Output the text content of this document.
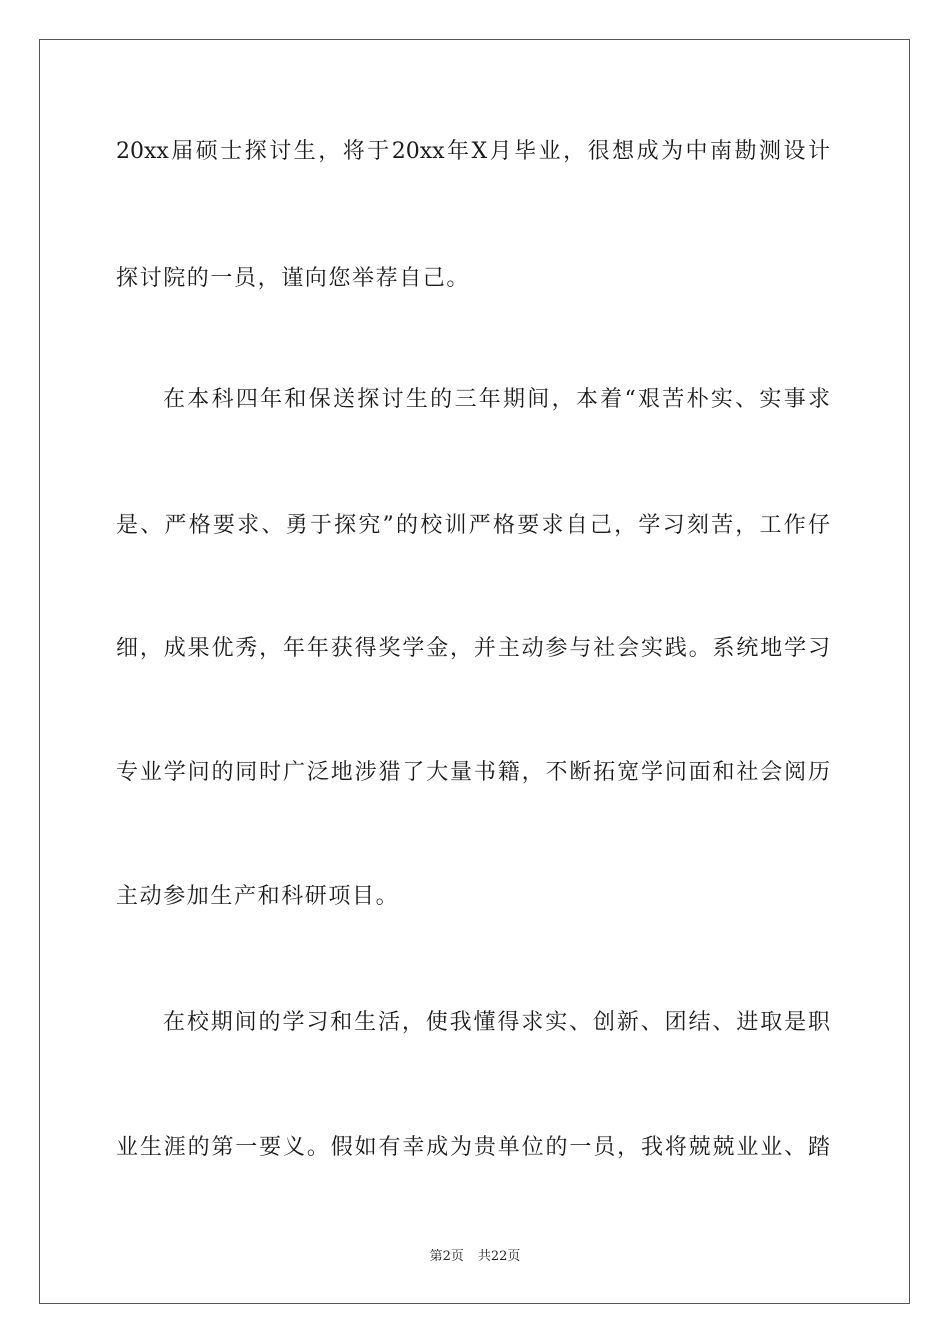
20xx届硕士探讨生，将于20xx年X月毕业，很想成为中南勘测设计
探讨院的一员，谨向您举荐自己。
在本科四年和保送探讨生的三年期间，本着“艰苦朴实、实事求
是、严格要求、勇于探究”的校训严格要求自己，学习刻苦，工作仔
细，成果优秀，年年获得奖学金，并主动参与社会实践。系统地学习
专业学问的同时广泛地涉猎了大量书籍，不断拓宽学问面和社会阅历
主动参加生产和科研项目。
在校期间的学习和生活，使我懂得求实、创新、团结、进取是职
业生涯的第一要义。假如有幸成为贵单位的一员，我将兢兢业业、踏
第2页 共22页
